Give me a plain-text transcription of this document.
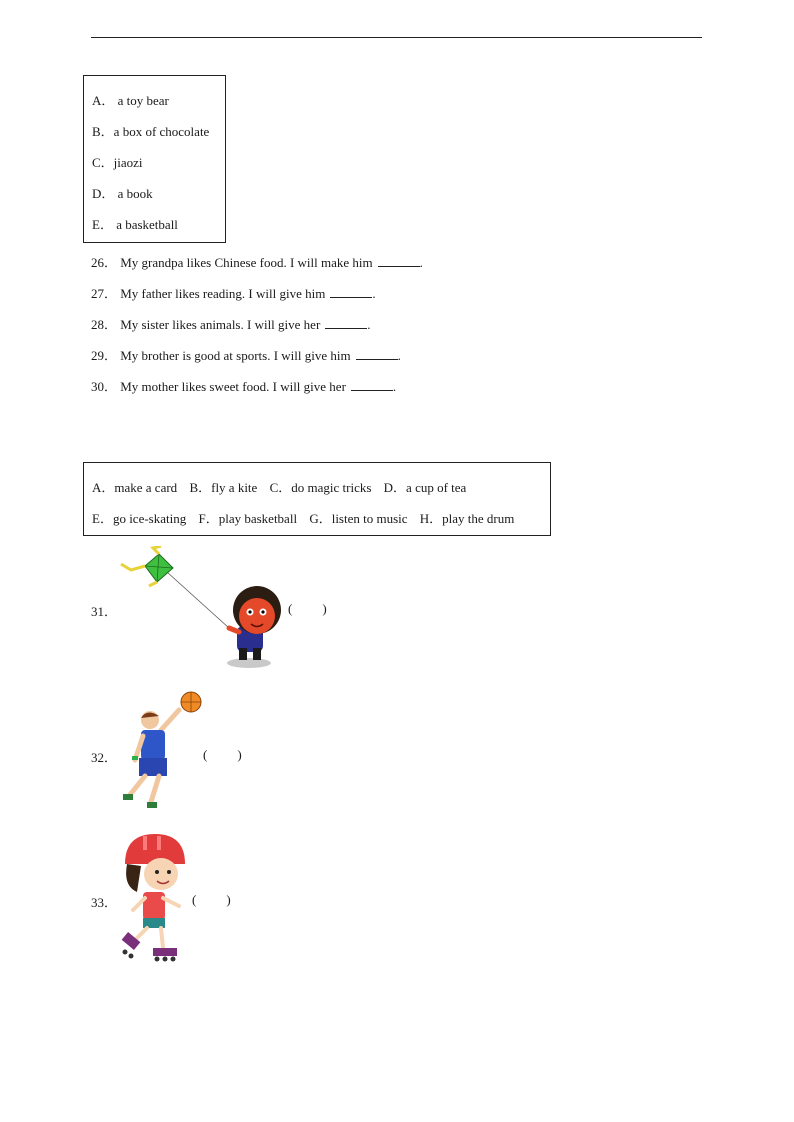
A． a toy bear
B．a box of chocolate
C．jiaozi
D． a book
E． a basketball
26． My grandpa likes Chinese food. I will make him	.
27． My father likes reading. I will give him	.
28． My sister likes animals. I will give her	.
29． My brother is good at sports. I will give him	.
30． My mother likes sweet food. I will give her	.
A．make a card B．fly a kite C．do magic tricks D．a cup of tea
E．go ice-skating F．play basketball G．listen to music H．play the drum
31．	( )
32．	( )
33．	( )
